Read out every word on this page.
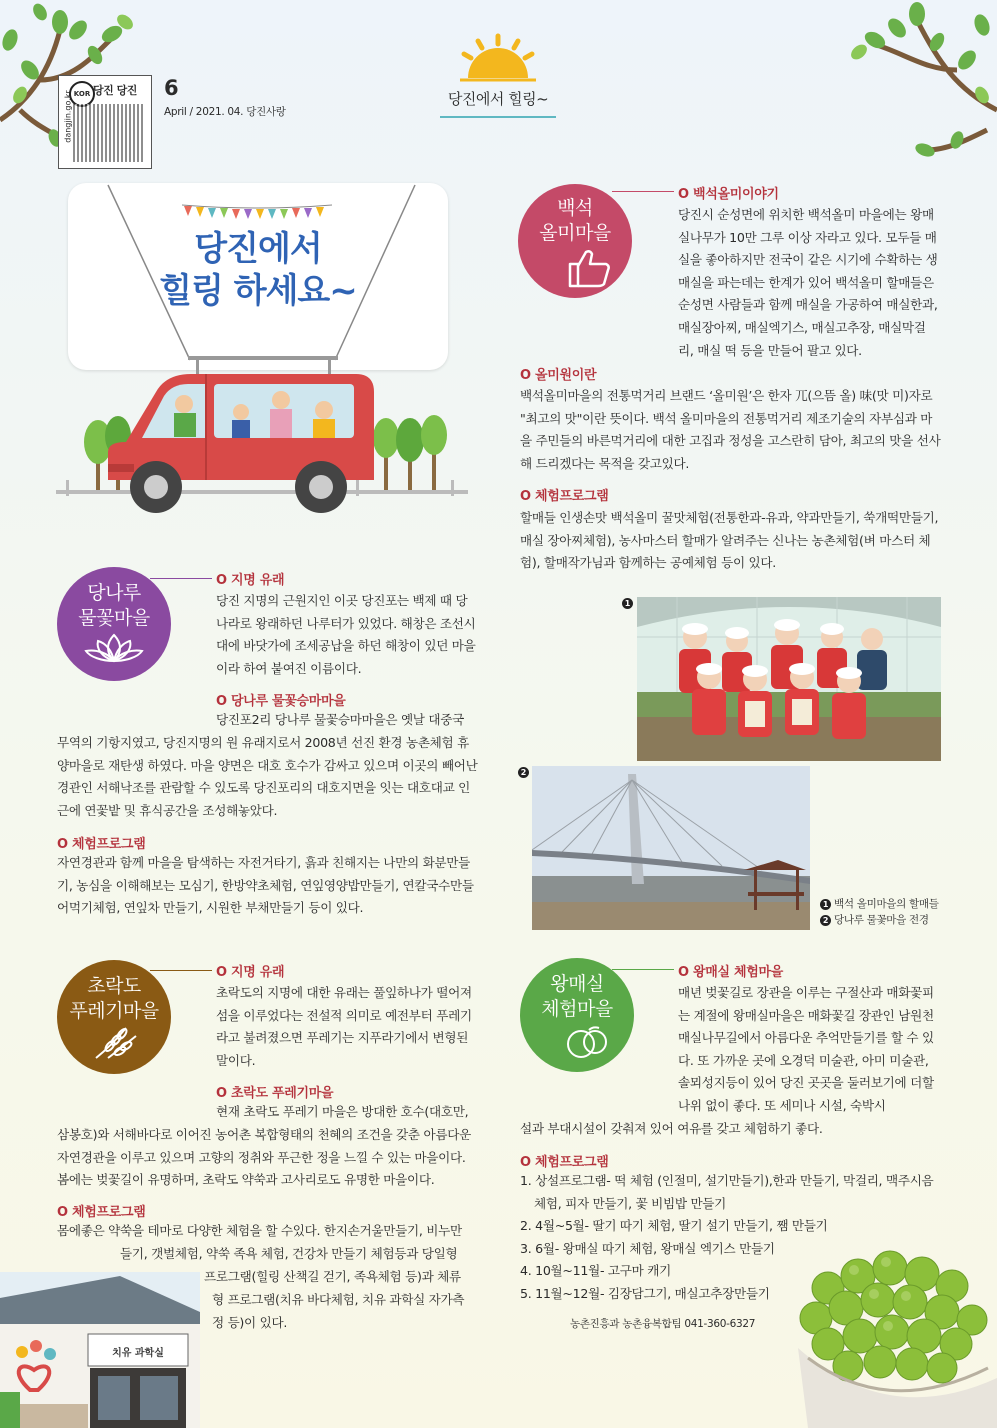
dangjin.go.kr KOR 당진 당진 6
April / 2021. 04. 당진사랑
당진에서 힐링~
당진에서
힐링 하세요~
당나루
물꽃마을
O 지명 유래

당진 지명의 근원지인 이곳 당진포는 백제 때 당나라로 왕래하던 나루터가 있었다. 해창은 조선시대에 바닷가에 조세공납을 하던 해창이 있던 마을이라 하여 붙여진 이름이다.

O 당나루 물꽃승마마을

당진포2리 당나루 물꽃승마마을은 옛날 대중국

무역의 기항지였고, 당진지명의 원 유래지로서 2008년 선진 환경 농촌체험 휴양마을로 재탄생 하였다. 마을 양면은 대호 호수가 감싸고 있으며 이곳의 빼어난 경관인 서해낙조를 관람할 수 있도록 당진포리의 대호지면을 잇는 대호대교 인근에 연꽃밭 및 휴식공간을 조성해놓았다.

O 체험프로그램

자연경관과 함께 마을을 탐색하는 자전거타기, 흙과 친해지는 나만의 화분만들기, 농심을 이해해보는 모심기, 한방약초체험, 연잎영양밥만들기, 연칼국수만들어먹기체험, 연잎차 만들기, 시원한 부채만들기 등이 있다.

초락도
푸레기마을
O 지명 유래

초락도의 지명에 대한 유래는 풀잎하나가 떨어져 섬을 이루었다는 전설적 의미로 예전부터 푸레기라고 불려졌으면 푸레기는 지푸라기에서 변형된 말이다.

O 초락도 푸레기마을

현재 초락도 푸레기 마을은 방대한 호수(대호만,

삼봉호)와 서해바다로 이어진 농어촌 복합형태의 천혜의 조건을 갖춘 아름다운 자연경관을 이루고 있으며 고향의 정취와 푸근한 정을 느낄 수 있는 마을이다. 봄에는 벚꽃길이 유명하며, 초락도 약쑥과 고사리로도 유명한 마을이다.

O 체험프로그램

몸에좋은 약쑥을 테마로 다양한 체험을 할 수있다. 한지손거울만들기, 비누만

들기, 갯벌체험, 약쑥 족욕 체험, 건강차 만들기 체험등과 당일형

프로그램(힐링 산책길 걷기, 족욕체험 등)과 체류

형 프로그램(치유 바다체험, 치유 과학실 자가측

정 등)이 있다.

치유 과학실
백석
올미마을
O 백석올미이야기

당진시 순성면에 위치한 백석올미 마을에는 왕매실나무가 10만 그루 이상 자라고 있다. 모두들 매실을 좋아하지만 전국이 같은 시기에 수확하는 생매실을 파는데는 한계가 있어 백석올미 할매들은 순성면 사람들과 함께 매실을 가공하여 매실한과, 매실장아찌, 매실엑기스, 매실고추장, 매실막걸리, 매실 떡 등을 만들어 팔고 있다.

O 올미원이란

백석올미마을의 전통먹거리 브랜드 ‘올미원’은 한자 兀(으뜸 올) 味(맛 미)자로 "최고의 맛"이란 뜻이다. 백석 올미마을의 전통먹거리 제조기술의 자부심과 마을 주민들의 바른먹거리에 대한 고집과 정성을 고스란히 담아, 최고의 맛을 선사해 드리겠다는 목적을 갖고있다.

O 체험프로그램

할매들 인생손맛 백석올미 꿀맛체험(전통한과-유과, 약과만들기, 쑥개떡만들기, 매실 장아찌체험), 농사마스터 할매가 알려주는 신나는 농촌체험(벼 마스터 체험), 할매작가님과 함께하는 공예체험 등이 있다.

1
2
1 백석 올미마을의 할매들
2 당나루 물꽃마을 전경
왕매실
체험마을
O 왕매실 체험마을

매년 벚꽃길로 장관을 이루는 구절산과 매화꽃피는 계절에 왕매실마을은 매화꽃길 장관인 남원천 매실나무길에서 아름다운 추억만들기를 할 수 있다. 또 가까운 곳에 오경덕 미술관, 아미 미술관, 솔뫼성지등이 있어 당진 곳곳을 둘러보기에 더할 나위 없이 좋다. 또 세미나 시설, 숙박시

설과 부대시설이 갖춰져 있어 여유를 갖고 체험하기 좋다.

O 체험프로그램

1. 상설프로그램- 떡 체험 (인절미, 설기만들기),한과 만들기, 막걸리, 맥주시음

체험, 피자 만들기, 꽃 비빔밥 만들기

2. 4월~5월- 딸기 따기 체험, 딸기 설기 만들기, 쨈 만들기

3. 6월- 왕매실 따기 체험, 왕매실 엑기스 만들기

4. 10월~11월- 고구마 캐기

5. 11월~12월- 김장담그기, 매실고추장만들기

농촌진흥과 농촌융복합팀 041-360-6327
